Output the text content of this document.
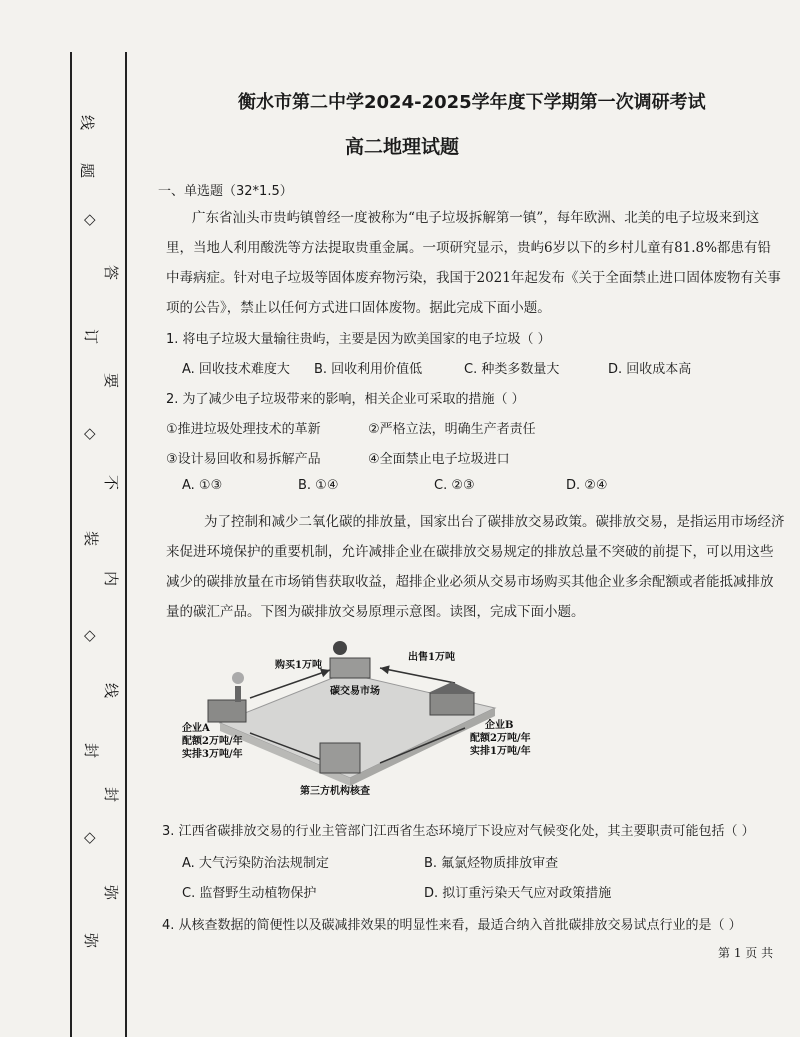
线
题
◇
答
订
要
◇
不
装
内
◇
线
封
封
◇
弥
弥
衡水市第二中学2024-2025学年度下学期第一次调研考试
高二地理试题
一、单选题（32*1.5）
广东省汕头市贵屿镇曾经一度被称为“电子垃圾拆解第一镇”，每年欧洲、北美的电子垃圾来到这
里，当地人利用酸洗等方法提取贵重金属。一项研究显示，贵屿6岁以下的乡村儿童有81.8%都患有铅
中毒病症。针对电子垃圾等固体废弃物污染，我国于2021年起发布《关于全面禁止进口固体废物有关事
项的公告》，禁止以任何方式进口固体废物。据此完成下面小题。
1. 将电子垃圾大量输往贵屿，主要是因为欧美国家的电子垃圾（ ）
A. 回收技术难度大 B. 回收利用价值低	C. 种类多数量大	D. 回收成本高
2. 为了减少电子垃圾带来的影响，相关企业可采取的措施（ ）
①推进垃圾处理技术的革新	②严格立法，明确生产者责任
③设计易回收和易拆解产品	④全面禁止电子垃圾进口
A. ①③	B. ①④	C. ②③	D. ②④
为了控制和减少二氧化碳的排放量，国家出台了碳排放交易政策。碳排放交易，是指运用市场经济
来促进环境保护的重要机制，允许减排企业在碳排放交易规定的排放总量不突破的前提下，可以用这些
减少的碳排放量在市场销售获取收益，超排企业必须从交易市场购买其他企业多余配额或者能抵减排放
量的碳汇产品。下图为碳排放交易原理示意图。读图，完成下面小题。
购买1万吨
出售1万吨
碳交易市场
企业A
配额2万吨/年
实排3万吨/年
企业B
配额2万吨/年
实排1万吨/年
第三方机构核查
3. 江西省碳排放交易的行业主管部门江西省生态环境厅下设应对气候变化处，其主要职责可能包括（ ）
A. 大气污染防治法规制定	B. 氟氯烃物质排放审查
C. 监督野生动植物保护	D. 拟订重污染天气应对政策措施
4. 从核查数据的简便性以及碳减排效果的明显性来看，最适合纳入首批碳排放交易试点行业的是（ ）
第 1 页 共
